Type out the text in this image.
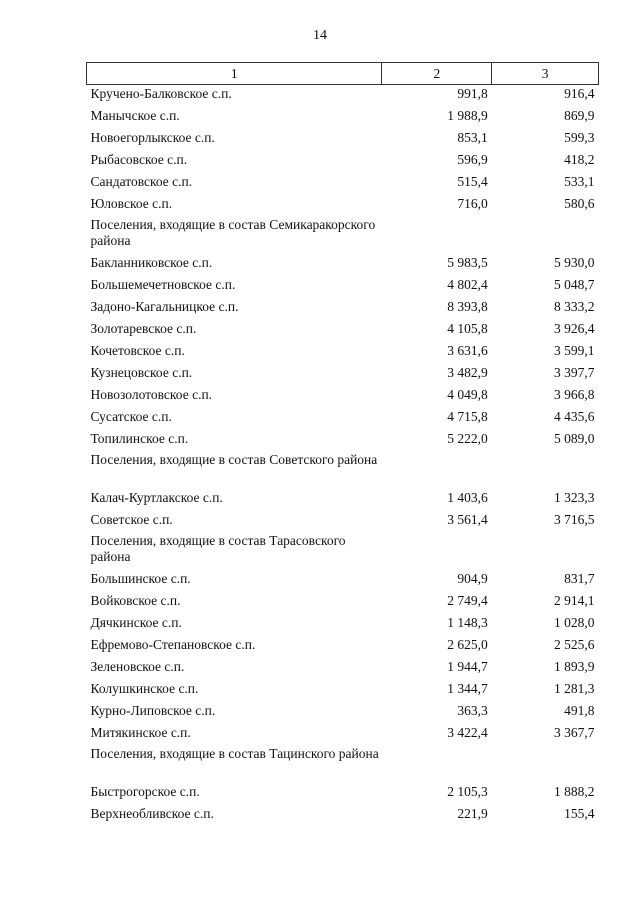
14
1	2	3
Кручено-Балковское с.п.	991,8	916,4
Манычское с.п.	1 988,9	869,9
Новоегорлыкское с.п.	853,1	599,3
Рыбасовское с.п.	596,9	418,2
Сандатовское с.п.	515,4	533,1
Юловское с.п.	716,0	580,6
Поселения, входящие в состав Семикаракорского района		
Бакланниковское с.п.	5 983,5	5 930,0
Большемечетновское с.п.	4 802,4	5 048,7
Задоно-Кагальницкое с.п.	8 393,8	8 333,2
Золотаревское с.п.	4 105,8	3 926,4
Кочетовское с.п.	3 631,6	3 599,1
Кузнецовское с.п.	3 482,9	3 397,7
Новозолотовское с.п.	4 049,8	3 966,8
Сусатское с.п.	4 715,8	4 435,6
Топилинское с.п.	5 222,0	5 089,0
Поселения, входящие в состав Советского района		
Калач-Куртлакское с.п.	1 403,6	1 323,3
Советское с.п.	3 561,4	3 716,5
Поселения, входящие в состав Тарасовского района		
Большинское с.п.	904,9	831,7
Войковское с.п.	2 749,4	2 914,1
Дячкинское с.п.	1 148,3	1 028,0
Ефремово-Степановское с.п.	2 625,0	2 525,6
Зеленовское с.п.	1 944,7	1 893,9
Колушкинское с.п.	1 344,7	1 281,3
Курно-Липовское с.п.	363,3	491,8
Митякинское с.п.	3 422,4	3 367,7
Поселения, входящие в состав Тацинского района		
Быстрогорское с.п.	2 105,3	1 888,2
Верхнеобливское с.п.	221,9	155,4
